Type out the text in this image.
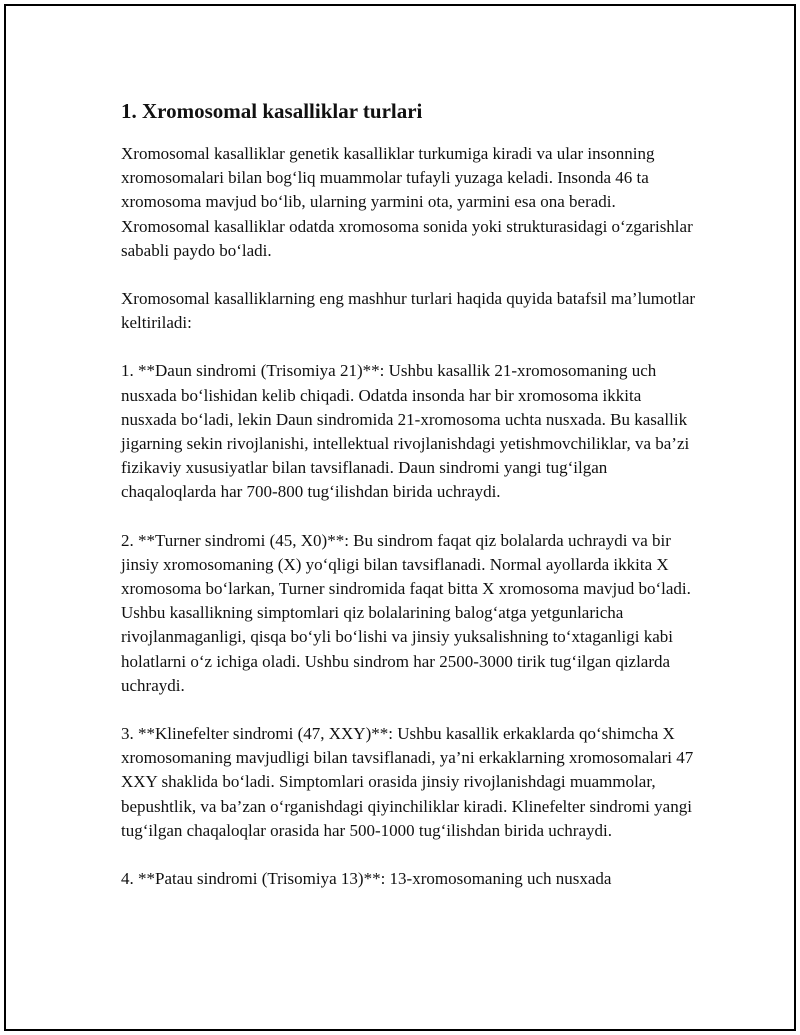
1. Xromosomal kasalliklar turlari

Xromosomal kasalliklar genetik kasalliklar turkumiga kiradi va ular insonning xromosomalari bilan bog‘liq muammolar tufayli yuzaga keladi. Insonda 46 ta xromosoma mavjud bo‘lib, ularning yarmini ota, yarmini esa ona beradi. Xromosomal kasalliklar odatda xromosoma sonida yoki strukturasidagi o‘zgarishlar sababli paydo bo‘ladi.

Xromosomal kasalliklarning eng mashhur turlari haqida quyida batafsil ma’lumotlar keltiriladi:

1. **Daun sindromi (Trisomiya 21)**: Ushbu kasallik 21-xromosomaning uch nusxada bo‘lishidan kelib chiqadi. Odatda insonda har bir xromosoma ikkita nusxada bo‘ladi, lekin Daun sindromida 21-xromosoma uchta nusxada. Bu kasallik jigarning sekin rivojlanishi, intellektual rivojlanishdagi yetishmovchiliklar, va ba’zi fizikaviy xususiyatlar bilan tavsiflanadi. Daun sindromi yangi tug‘ilgan chaqaloqlarda har 700-800 tug‘ilishdan birida uchraydi.

2. **Turner sindromi (45, X0)**: Bu sindrom faqat qiz bolalarda uchraydi va bir jinsiy xromosomaning (X) yo‘qligi bilan tavsiflanadi. Normal ayollarda ikkita X xromosoma bo‘larkan, Turner sindromida faqat bitta X xromosoma mavjud bo‘ladi. Ushbu kasallikning simptomlari qiz bolalarining balog‘atga yetgunlaricha rivojlanmaganligi, qisqa bo‘yli bo‘lishi va jinsiy yuksalishning to‘xtaganligi kabi holatlarni o‘z ichiga oladi. Ushbu sindrom har 2500-3000 tirik tug‘ilgan qizlarda uchraydi.

3. **Klinefelter sindromi (47, XXY)**: Ushbu kasallik erkaklarda qo‘shimcha X xromosomaning mavjudligi bilan tavsiflanadi, ya’ni erkaklarning xromosomalari 47 XXY shaklida bo‘ladi. Simptomlari orasida jinsiy rivojlanishdagi muammolar, bepushtlik, va ba’zan o‘rganishdagi qiyinchiliklar kiradi. Klinefelter sindromi yangi tug‘ilgan chaqaloqlar orasida har 500-1000 tug‘ilishdan birida uchraydi.

4. **Patau sindromi (Trisomiya 13)**: 13-xromosomaning uch nusxada
